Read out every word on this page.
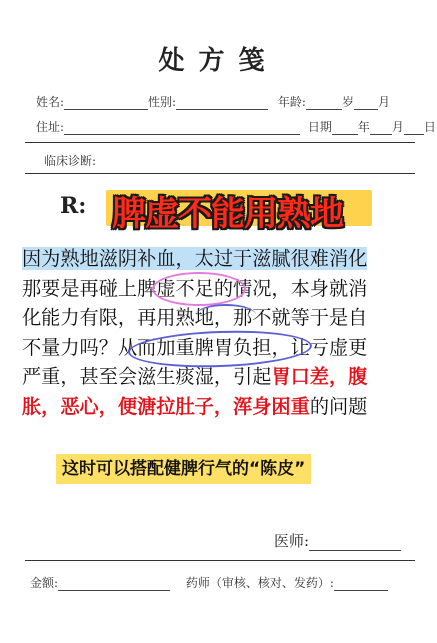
处方笺
姓名:	性别:	年龄:	岁 月
住址:	日期 年 月 日
临床诊断:
R: 脾虚不能用熟地
因为熟地滋阴补血，太过于滋腻很难消化
那要是再碰上脾虚不足的情况，本身就消
化能力有限，再用熟地，那不就等于是自
不量力吗？从而加重脾胃负担，让亏虚更
严重，甚至会滋生痰湿，引起胃口差，腹
胀，恶心，便溏拉肚子，浑身困重的问题
这时可以搭配健脾行气的“陈皮”
医师:
金额:	药师（审核、核对、发药）:
